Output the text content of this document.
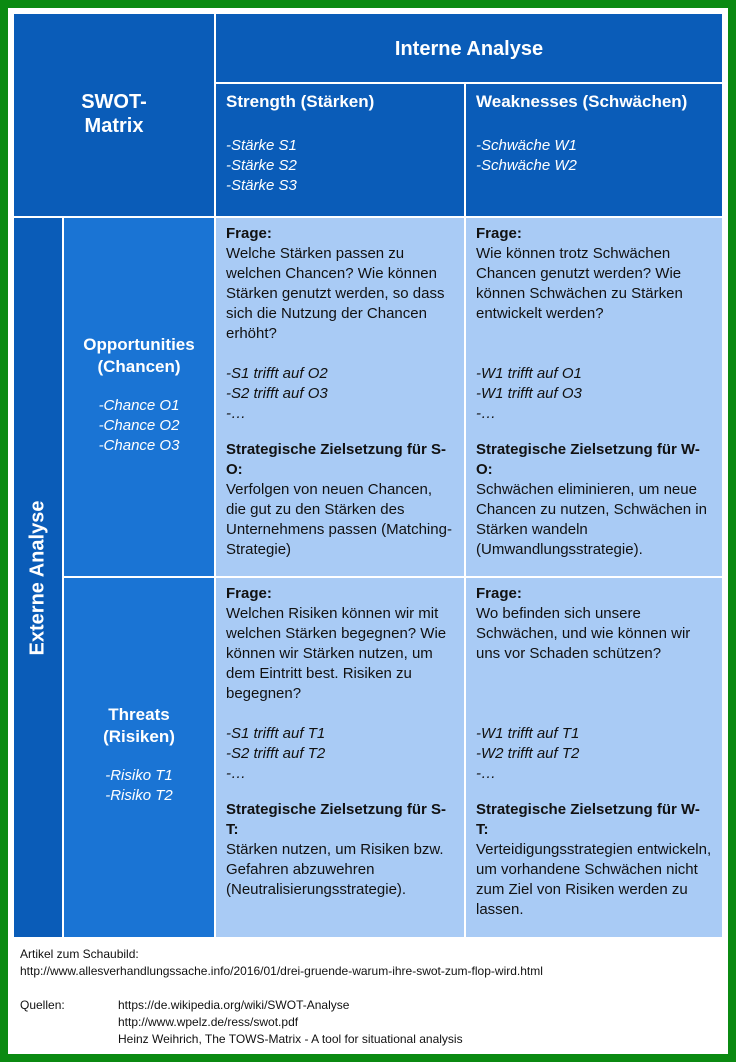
SWOT-
Matrix
Interne Analyse
Strength (Stärken)
-Stärke S1
-Stärke S2
-Stärke S3
Weaknesses (Schwächen)
-Schwäche W1
-Schwäche W2
Externe Analyse
Opportunities
(Chancen)
-Chance O1
-Chance O2
-Chance O3
Threats
(Risiken)
-Risiko T1
-Risiko T2
Frage:
Welche Stärken passen zu welchen Chancen? Wie können Stärken genutzt werden, so dass sich die Nutzung der Chancen erhöht?
-S1 trifft auf O2
-S2 trifft auf O3
-…
Strategische Zielsetzung für S-O:
Verfolgen von neuen Chancen, die gut zu den Stärken des Unternehmens passen (Matching-Strategie)
Frage:
Wie können trotz Schwächen Chancen genutzt werden? Wie können Schwächen zu Stärken entwickelt werden?
-W1 trifft auf O1
-W1 trifft auf O3
-…
Strategische Zielsetzung für W-O:
Schwächen eliminieren, um neue Chancen zu nutzen, Schwächen in Stärken wandeln (Umwandlungsstrategie).
Frage:
Welchen Risiken können wir mit welchen Stärken begegnen? Wie können wir Stärken nutzen, um dem Eintritt best. Risiken zu begegnen?
-S1 trifft auf T1
-S2 trifft auf T2
-…
Strategische Zielsetzung für S-T:
Stärken nutzen, um Risiken bzw. Gefahren abzuwehren (Neutralisierungsstrategie).
Frage:
Wo befinden sich unsere Schwächen, und wie können wir uns vor Schaden schützen?
-W1 trifft auf T1
-W2 trifft auf T2
-…
Strategische Zielsetzung für W-T:
Verteidigungsstrategien entwickeln, um vorhandene Schwächen nicht zum Ziel von Risiken werden zu lassen.
Artikel zum Schaubild:
http://www.allesverhandlungssache.info/2016/01/drei-gruende-warum-ihre-swot-zum-flop-wird.html
Quellen:	https://de.wikipedia.org/wiki/SWOT-Analyse
http://www.wpelz.de/ress/swot.pdf
Heinz Weihrich, The TOWS-Matrix - A tool for situational analysis
